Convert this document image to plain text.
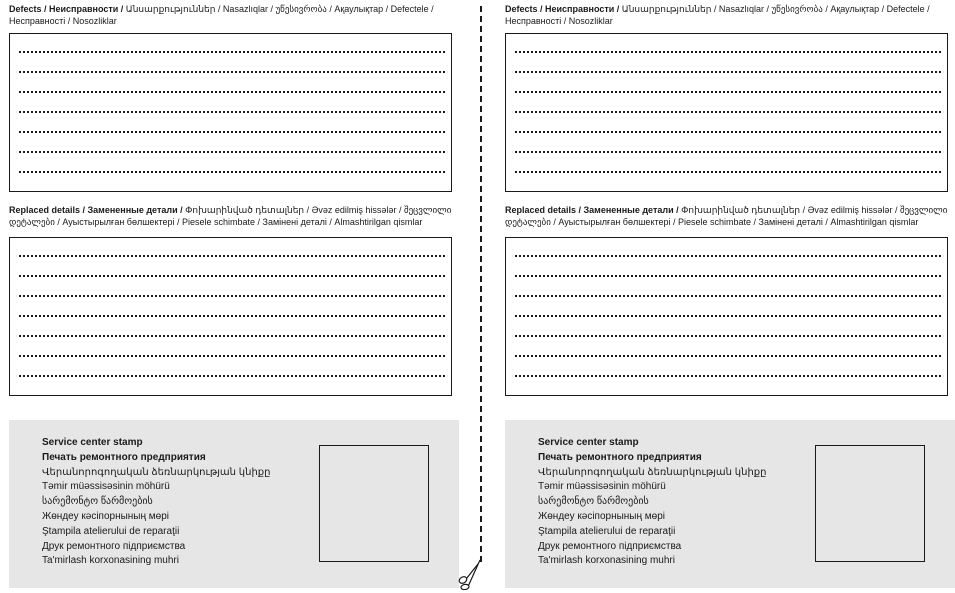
Defects / Неисправности / Անսարքություններ / Nasazlıqlar / უწესივრობა / Ақаулықтар / Defectele / Несправності / Nosozliklar
Replaced details / Замененные детали / Փոխարինված դետալներ / Əvəz edilmiş hissələr / შეცვლილი დეტალები / Ауыстырылған бөлшектері / Piesele schimbate / Замінені деталі / Almashtirilgan qismlar
Service center stamp
Печать ремонтного предприятия
Վերանորոգողական ձեռնարկության կնիքը
Təmir müəssisəsinin möhürü
სარემონტო წარმოების
Жөндеу кәсіпорнының мөрі
Ştampila atelierului de reparaţii
Друк ремонтного підприємства
Ta'mirlash korxonasining muhri
Defects / Неисправности / Անսարքություններ / Nasazlıqlar / უწესივრობა / Ақаулықтар / Defectele / Несправності / Nosozliklar
Replaced details / Замененные детали / Փոխարինված դետալներ / Əvəz edilmiş hissələr / შეცვლილი დეტალები / Ауыстырылған бөлшектері / Piesele schimbate / Замінені деталі / Almashtirilgan qismlar
Service center stamp
Печать ремонтного предприятия
Վերանորոգողական ձեռնարկության կնիքը
Təmir müəssisəsinin möhürü
სარემონტო წარმოების
Жөндеу кәсіпорнының мөрі
Ştampila atelierului de reparaţii
Друк ремонтного підприємства
Ta'mirlash korxonasining muhri
